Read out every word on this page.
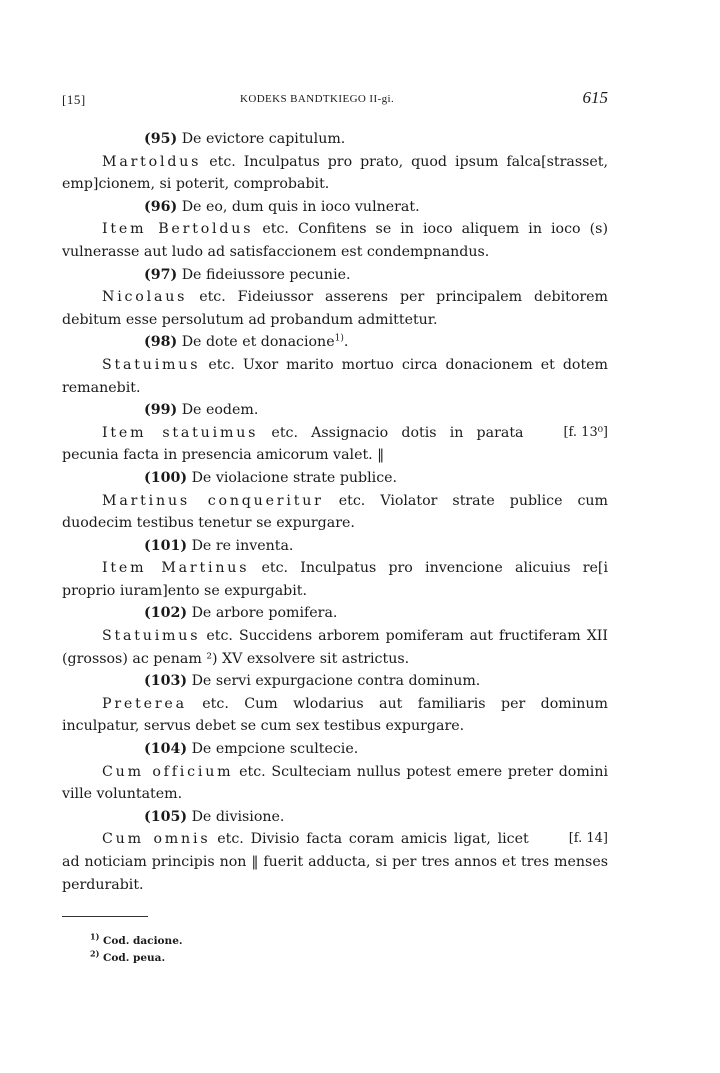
[15]	KODEKS BANDTKIEGO II-gi.	615
(95) De evictore capitulum.

Martoldus etc. Inculpatus pro prato, quod ipsum falca[strasset, emp]cionem, si poterit, comprobabit.

(96) De eo, dum quis in ioco vulnerat.

Item Bertoldus etc. Confitens se in ioco aliquem in ioco (s) vulnerasse aut ludo ad satisfaccionem est condempnandus.

(97) De fideiussore pecunie.

Nicolaus etc. Fideiussor asserens per principalem debitorem debitum esse persolutum ad probandum admittetur.

(98) De dote et donacione$^{1)}$.

Statuimus etc. Uxor marito mortuo circa donacionem et dotem remanebit.

(99) De eodem.

[f. 13⁰]
Item statuimus etc. Assignacio dotis in parata pecunia facta in presencia amicorum valet. ‖

(100) De violacione strate publice.

Martinus conqueritur etc. Violator strate publice cum duodecim testibus tenetur se expurgare.

(101) De re inventa.

Item Martinus etc. Inculpatus pro invencione alicuius re[i proprio iuram]ento se expurgabit.

(102) De arbore pomifera.

Statuimus etc. Succidens arborem pomiferam aut fructiferam XII (grossos) ac penam ²) XV exsolvere sit astrictus.

(103) De servi expurgacione contra dominum.

Preterea etc. Cum wlodarius aut familiaris per dominum inculpatur, servus debet se cum sex testibus expurgare.

(104) De empcione scultecie.

Cum officium etc. Sculteciam nullus potest emere preter domini ville voluntatem.

(105) De divisione.

[f. 14]
Cum omnis etc. Divisio facta coram amicis ligat, licet ad noticiam principis non ‖ fuerit adducta, si per tres annos et tres menses perdurabit.

$^{1)}$ Cod. dacione.
$^{2)}$ Cod. peua.
